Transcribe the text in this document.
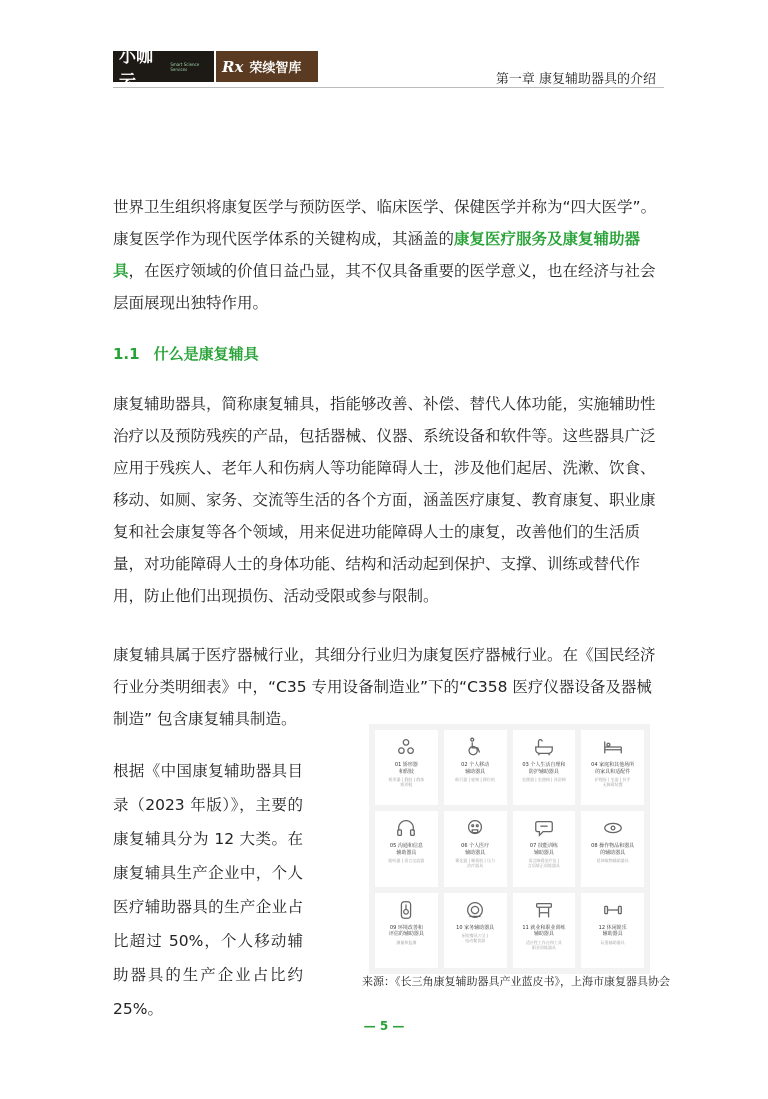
小咖云
Smart Science Services	Rx 荣续智库
第一章 康复辅助器具的介绍

世界卫生组织将康复医学与预防医学、临床医学、保健医学并称为“四大医学”。康复医学作为现代医学体系的关键构成，其涵盖的康复医疗服务及康复辅助器具，在医疗领域的价值日益凸显，其不仅具备重要的医学意义，也在经济与社会层面展现出独特作用。

1.1 什么是康复辅具

康复辅助器具，简称康复辅具，指能够改善、补偿、替代人体功能，实施辅助性治疗以及预防残疾的产品，包括器械、仪器、系统设备和软件等。这些器具广泛应用于残疾人、老年人和伤病人等功能障碍人士，涉及他们起居、洗漱、饮食、移动、如厕、家务、交流等生活的各个方面，涵盖医疗康复、教育康复、职业康复和社会康复等各个领域，用来促进功能障碍人士的康复，改善他们的生活质量，对功能障碍人士的身体功能、结构和活动起到保护、支撑、训练或替代作用，防止他们出现损伤、活动受限或参与限制。

康复辅具属于医疗器械行业，其细分行业归为康复医疗器械行业。在《国民经济行业分类明细表》中，“C35 专用设备制造业”下的“C358 医疗仪器设备及器械制造” 包含康复辅具制造。

根据《中国康复辅助器具目录（2023 年版）》，主要的康复辅具分为 12 大类。在康复辅具生产企业中，个人医疗辅助器具的生产企业占比超过 50%，个人移动辅助器具的生产企业占比约 25%。

01 矫形器
和假肢
矫形器 | 假肢 | 假体
矫形鞋
02 个人移动
辅助器具
助行器 | 轮椅 | 移位机
03 个人生活自理和
防护辅助器具
坐便器 | 坐便椅 | 沐浴椅
04 家庭和其他场所
的家具和适配件
护理床 | 坐姿 | 扶手
无障碍装置
05 沟通和信息
辅助器具
助听器 | 语言交流器
06 个人医疗
辅助器具
雾化器 | 制氧机 | 压力
治疗器具
07 技能训练
辅助器具
语言障碍治疗仪 |
言语矫正训练器具
08 操作物品和器具
的辅助器具
延伸取物辅助器具
09 环境改善和
评估的辅助器具
测量和监测
10 家务辅助器具
厨房餐具刀叉 |
电动餐食器
11 就业和职业训练
辅助器具
适应性工作台和工具
职业训练器具
12 休闲娱乐
辅助器具
玩耍辅助器具
来源：《长三角康复辅助器具产业蓝皮书》，上海市康复器具协会
— 5 —
